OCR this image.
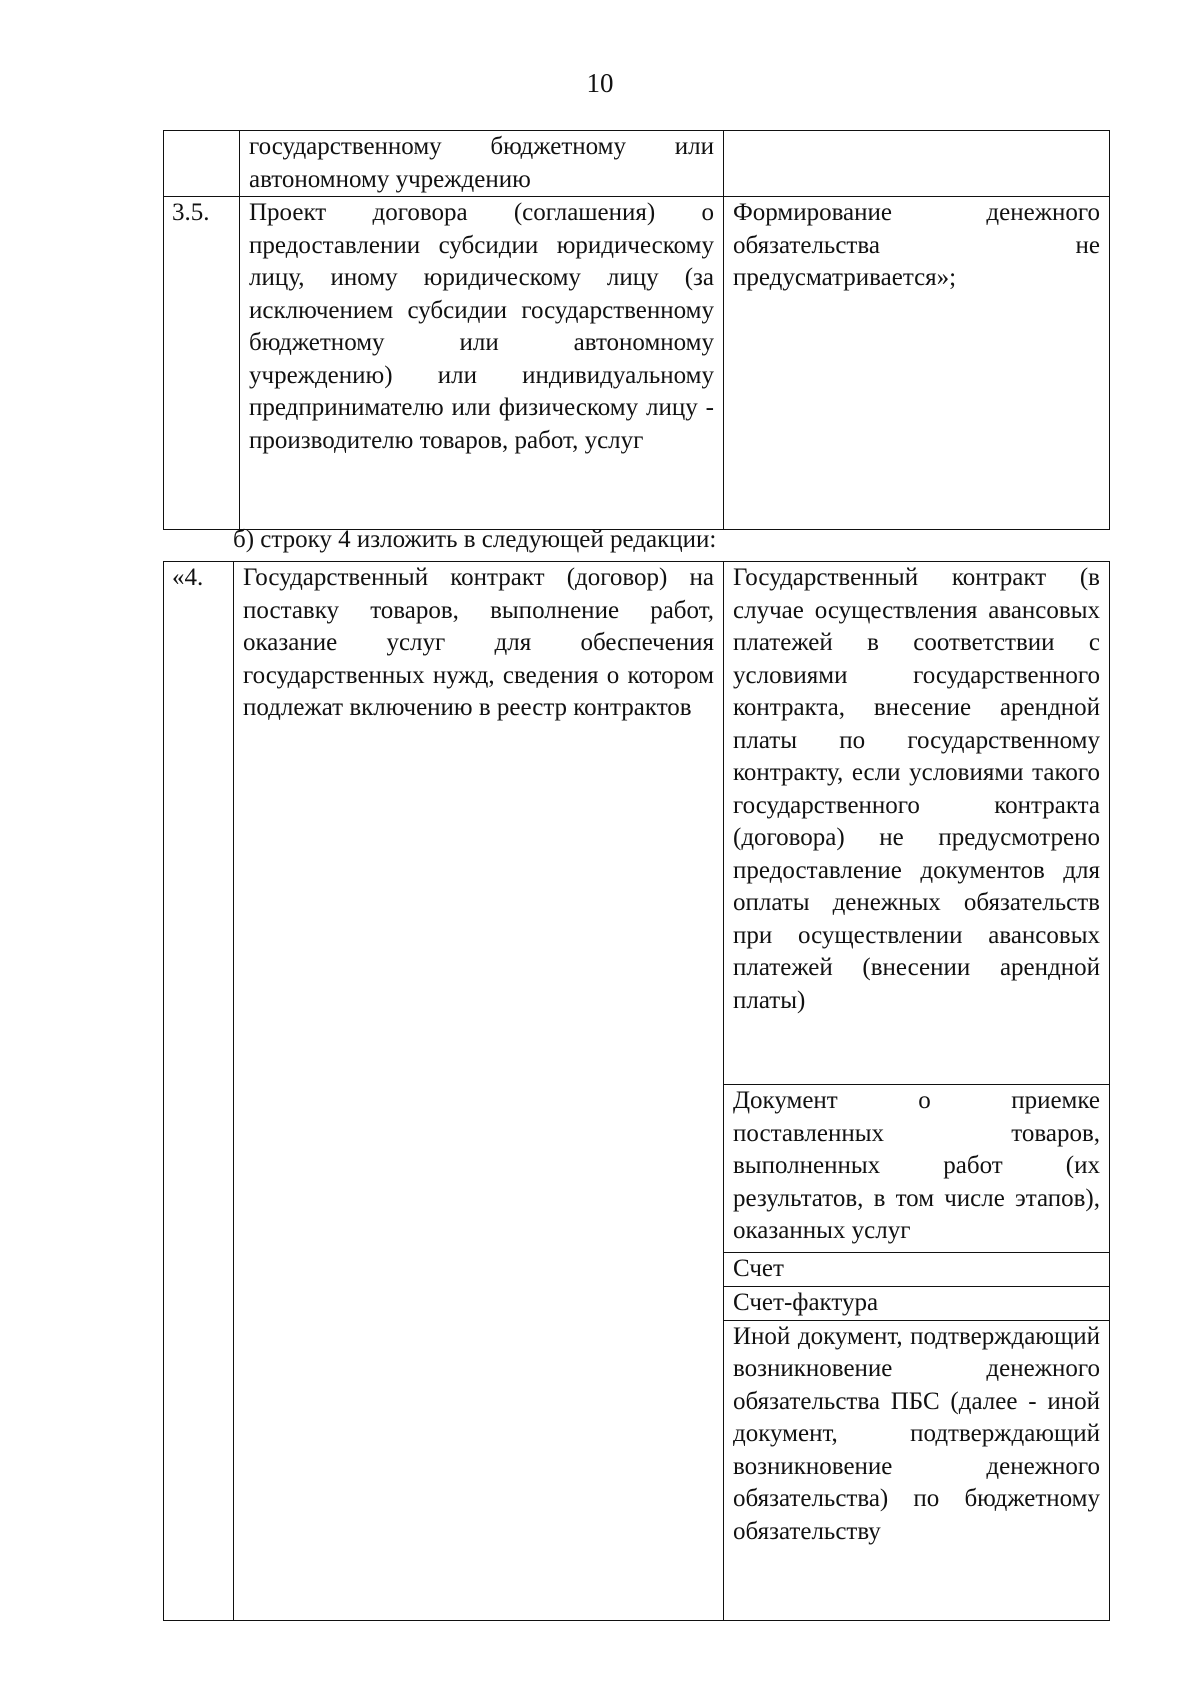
10
	государственному бюджетному или автономному учреждению	
3.5.	Проект договора (соглашения) о предоставлении субсидии юридическому лицу, иному юридическому лицу (за исключением субсидии государственному бюджетному или автономному учреждению) или индивидуальному предпринимателю или физическому лицу - производителю товаров, работ, услуг	Формирование денежного обязательства не предусматривается»;
б) строку 4 изложить в следующей редакции:
«4.	Государственный контракт (договор) на поставку товаров, выполнение работ, оказание услуг для обеспечения государственных нужд, сведения о котором подлежат включению в реестр контрактов	Государственный контракт (в случае осуществления авансовых платежей в соответствии с условиями государственного контракта, внесение арендной платы по государственному контракту, если условиями такого государственного контракта (договора) не предусмотрено предоставление документов для оплаты денежных обязательств при осуществлении авансовых платежей (внесении арендной платы)
Документ о приемке поставленных товаров, выполненных работ (их результатов, в том числе этапов), оказанных услуг
Счет
Счет-фактура
Иной документ, подтверждающий возникновение денежного обязательства ПБС (далее - иной документ, подтверждающий возникновение денежного обязательства) по бюджетному обязательству
